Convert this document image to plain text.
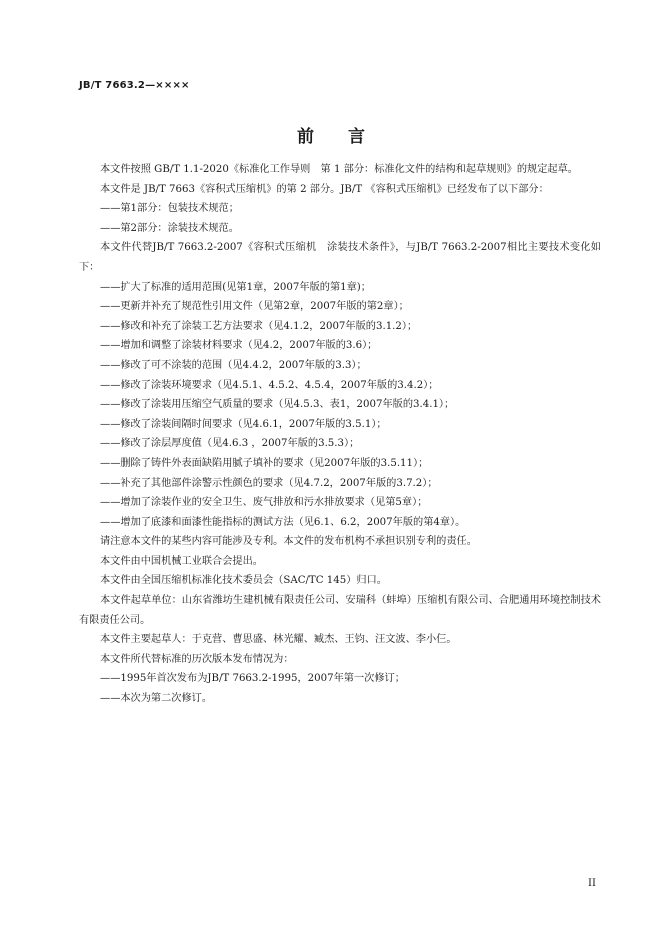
JB/T 7663.2—××××
前 言

本文件按照 GB/T 1.1-2020《标准化工作导则　第 1 部分：标准化文件的结构和起草规则》的规定起草。

本文件是 JB/T 7663《容积式压缩机》的第 2 部分。JB/T 《容积式压缩机》已经发布了以下部分：

——第1部分：包装技术规范；

——第2部分：涂装技术规范。

本文件代替JB/T 7663.2-2007《容积式压缩机　涂装技术条件》，与JB/T 7663.2-2007相比主要技术变化如下：

——扩大了标准的适用范围(见第1章，2007年版的第1章)；

——更新并补充了规范性引用文件（见第2章，2007年版的第2章）；

——修改和补充了涂装工艺方法要求（见4.1.2，2007年版的3.1.2）；

——增加和调整了涂装材料要求（见4.2，2007年版的3.6）；

——修改了可不涂装的范围（见4.4.2，2007年版的3.3）；

——修改了涂装环境要求（见4.5.1、4.5.2、4.5.4，2007年版的3.4.2）；

——修改了涂装用压缩空气质量的要求（见4.5.3、表1，2007年版的3.4.1）；

——修改了涂装间隔时间要求（见4.6.1，2007年版的3.5.1）；

——修改了涂层厚度值（见4.6.3 ，2007年版的3.5.3）；

——删除了铸件外表面缺陷用腻子填补的要求（见2007年版的3.5.11）；

——补充了其他部件涂警示性颜色的要求（见4.7.2，2007年版的3.7.2）；

——增加了涂装作业的安全卫生、废气排放和污水排放要求（见第5章）；

——增加了底漆和面漆性能指标的测试方法（见6.1、6.2，2007年版的第4章）。

请注意本文件的某些内容可能涉及专利。本文件的发布机构不承担识别专利的责任。

本文件由中国机械工业联合会提出。

本文件由全国压缩机标准化技术委员会（SAC/TC 145）归口。

本文件起草单位：山东省潍坊生建机械有限责任公司、安瑞科（蚌埠）压缩机有限公司、合肥通用环境控制技术有限责任公司。

本文件主要起草人：于克营、曹思盛、林光耀、臧杰、王钧、汪文波、李小仨。

本文件所代替标准的历次版本发布情况为：

——1995年首次发布为JB/T 7663.2-1995，2007年第一次修订；

——本次为第二次修订。

II
